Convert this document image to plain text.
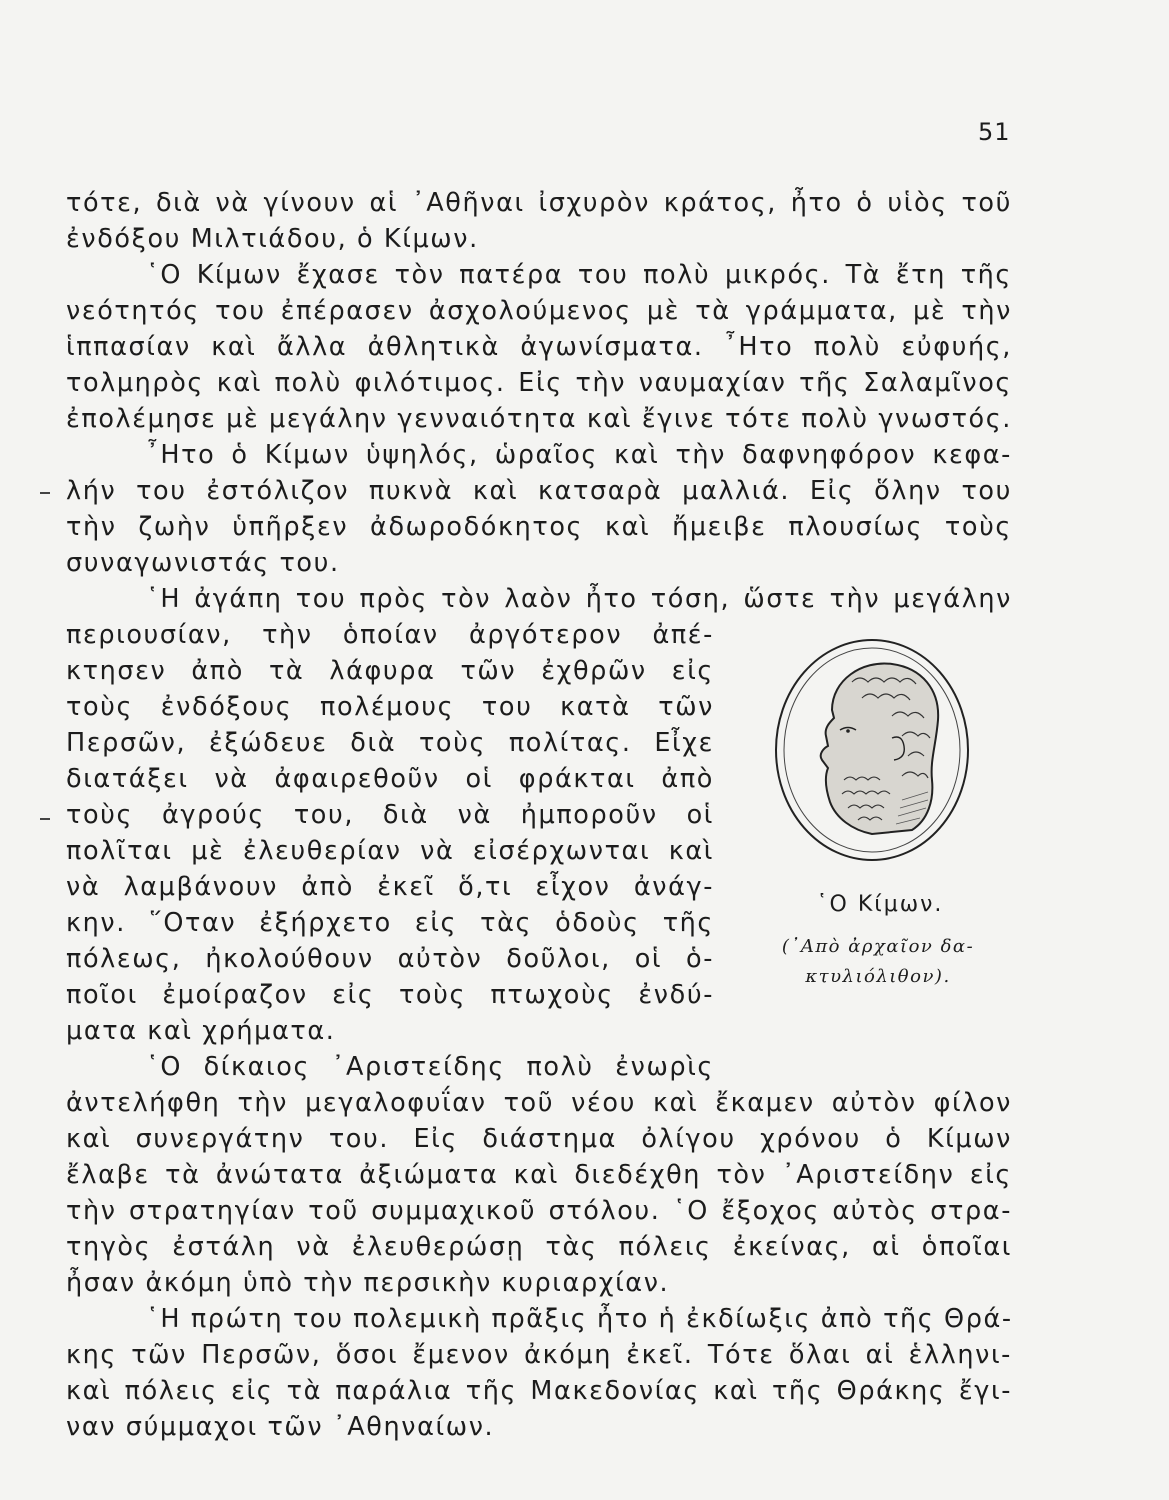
51
τότε, διὰ νὰ γίνουν αἱ ᾿Αθῆναι ἰσχυρὸν κράτος, ἦτο ὁ υἱὸς τοῦ
ἐνδόξου Μιλτιάδου, ὁ Κίμων.
῾Ο Κίμων ἔχασε τὸν πατέρα του πολὺ μικρός. Τὰ ἔτη τῆς
νεότητός του ἐπέρασεν ἀσχολούμενος μὲ τὰ γράμματα, μὲ τὴν
ἱππασίαν καὶ ἄλλα ἀθλητικὰ ἀγωνίσματα. ῏Ητο πολὺ εὐφυής,
τολμηρὸς καὶ πολὺ φιλότιμος. Εἰς τὴν ναυμαχίαν τῆς Σαλαμῖνος
ἐπολέμησε μὲ μεγάλην γενναιότητα καὶ ἔγινε τότε πολὺ γνωστός.
῏Ητο ὁ Κίμων ὑψηλός, ὡραῖος καὶ τὴν δαφνηφόρον κεφα-
λήν του ἐστόλιζον πυκνὰ καὶ κατσαρὰ μαλλιά. Εἰς ὅλην του
τὴν ζωὴν ὑπῆρξεν ἀδωροδόκητος καὶ ἤμειβε πλουσίως τοὺς
συναγωνιστάς του.
῾Η ἀγάπη του πρὸς τὸν λαὸν ἦτο τόση, ὥστε τὴν μεγάλην
περιουσίαν, τὴν ὁποίαν ἀργότερον ἀπέ-
κτησεν ἀπὸ τὰ λάφυρα τῶν ἐχθρῶν εἰς
τοὺς ἐνδόξους πολέμους του κατὰ τῶν
Περσῶν, ἐξώδευε διὰ τοὺς πολίτας. Εἶχε
διατάξει νὰ ἀφαιρεθοῦν οἱ φράκται ἀπὸ
τοὺς ἀγρούς του, διὰ νὰ ἠμποροῦν οἱ
πολῖται μὲ ἐλευθερίαν νὰ εἰσέρχωνται καὶ
νὰ λαμβάνουν ἀπὸ ἐκεῖ ὅ,τι εἶχον ἀνάγ-
κην. ῞Οταν ἐξήρχετο εἰς τὰς ὁδοὺς τῆς
πόλεως, ἠκολούθουν αὐτὸν δοῦλοι, οἱ ὁ-
ποῖοι ἐμοίραζον εἰς τοὺς πτωχοὺς ἐνδύ-
ματα καὶ χρήματα.
῾Ο δίκαιος ᾿Αριστείδης πολὺ ἐνωρὶς
ἀντελήφθη τὴν μεγαλοφυΐαν τοῦ νέου καὶ ἔκαμεν αὐτὸν φίλον
καὶ συνεργάτην του. Εἰς διάστημα ὀλίγου χρόνου ὁ Κίμων
ἔλαβε τὰ ἀνώτατα ἀξιώματα καὶ διεδέχθη τὸν ᾿Αριστείδην εἰς
τὴν στρατηγίαν τοῦ συμμαχικοῦ στόλου. ῾Ο ἔξοχος αὐτὸς στρα-
τηγὸς ἐστάλη νὰ ἐλευθερώσῃ τὰς πόλεις ἐκείνας, αἱ ὁποῖαι
ἦσαν ἀκόμη ὑπὸ τὴν περσικὴν κυριαρχίαν.
῾Η πρώτη του πολεμικὴ πρᾶξις ἦτο ἡ ἐκδίωξις ἀπὸ τῆς Θρά-
κης τῶν Περσῶν, ὅσοι ἔμενον ἀκόμη ἐκεῖ. Τότε ὅλαι αἱ ἑλληνι-
καὶ πόλεις εἰς τὰ παράλια τῆς Μακεδονίας καὶ τῆς Θράκης ἔγι-
ναν σύμμαχοι τῶν ᾿Αθηναίων.
῾Ο Κίμων.
(᾿Απὸ ἀρχαῖον δα-
κτυλιόλιθον).
